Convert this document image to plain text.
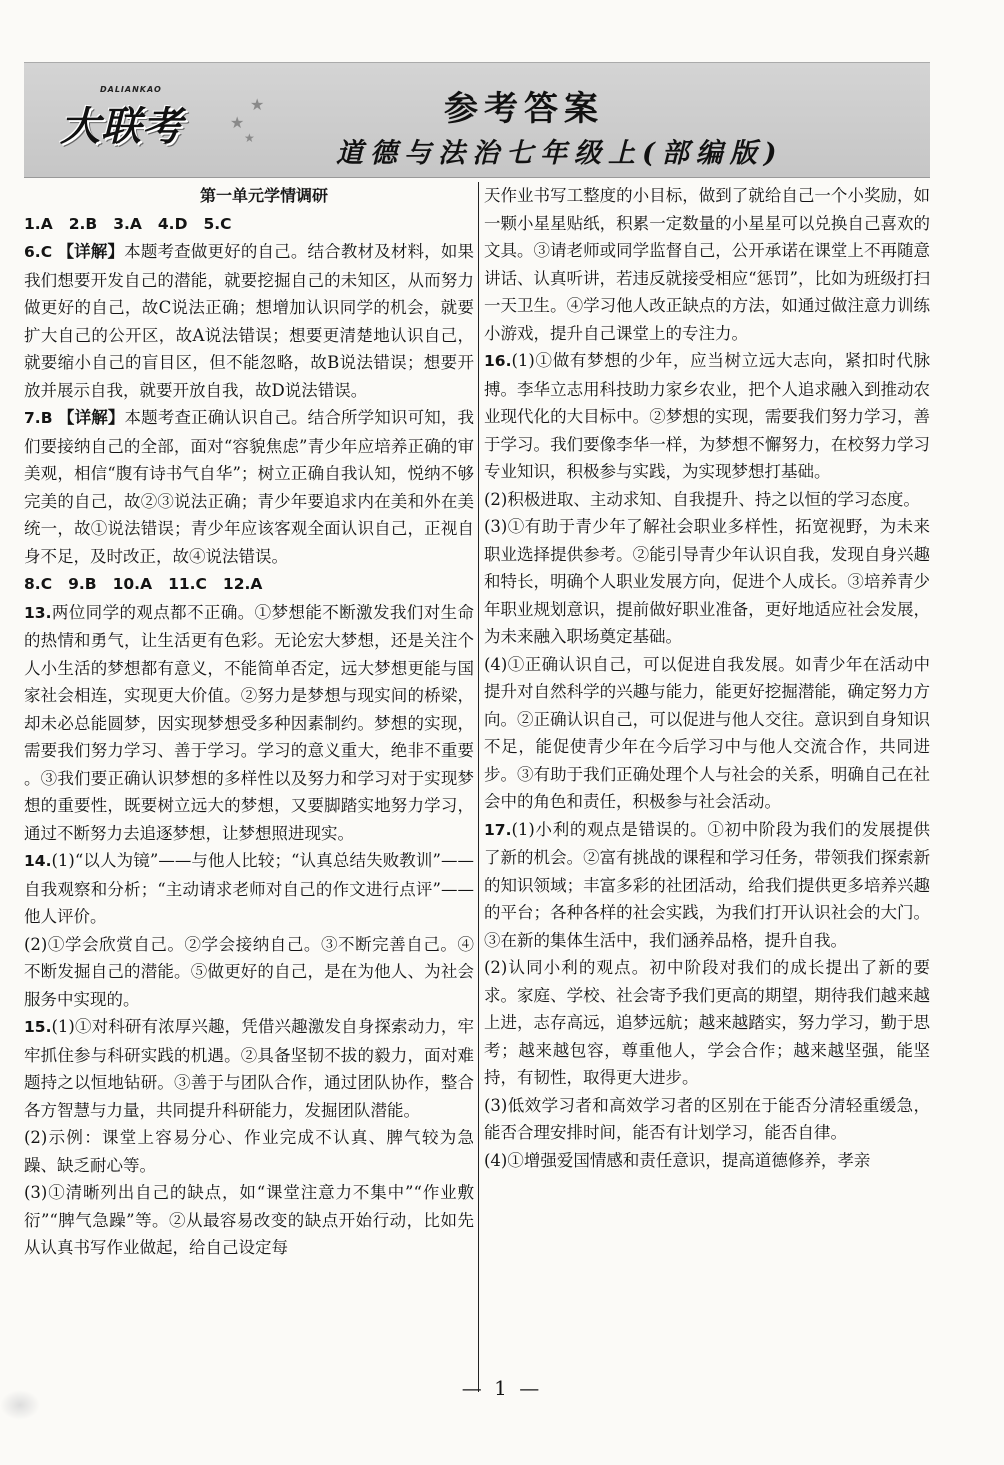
DALIANKAO
大联考	★
★
★
参考答案
道德与法治七年级上(部编版)
第一单元学情调研

1.A 2.B 3.A 4.D 5.C

6.C 【详解】本题考查做更好的自己。结合教材及材料，如果我们想要开发自己的潜能，就要挖掘自己的未知区，从而努力做更好的自己，故C说法正确；想增加认识同学的机会，就要扩大自己的公开区，故A说法错误；想要更清楚地认识自己，就要缩小自己的盲目区，但不能忽略，故B说法错误；想要开放并展示自我，就要开放自我，故D说法错误。

7.B 【详解】本题考查正确认识自己。结合所学知识可知，我们要接纳自己的全部，面对“容貌焦虑”青少年应培养正确的审美观，相信“腹有诗书气自华”；树立正确自我认知，悦纳不够完美的自己，故②③说法正确；青少年要追求内在美和外在美统一，故①说法错误；青少年应该客观全面认识自己，正视自身不足，及时改正，故④说法错误。

8.C 9.B 10.A 11.C 12.A

13.两位同学的观点都不正确。①梦想能不断激发我们对生命的热情和勇气，让生活更有色彩。无论宏大梦想，还是关注个人小生活的梦想都有意义，不能简单否定，远大梦想更能与国家社会相连，实现更大价值。②努力是梦想与现实间的桥梁，却未必总能圆梦，因实现梦想受多种因素制约。梦想的实现，需要我们努力学习、善于学习。学习的意义重大，绝非不重要 。③我们要正确认识梦想的多样性以及努力和学习对于实现梦想的重要性，既要树立远大的梦想，又要脚踏实地努力学习，通过不断努力去追逐梦想，让梦想照进现实。

14.(1)“以人为镜”——与他人比较；“认真总结失败教训”——自我观察和分析；“主动请求老师对自己的作文进行点评”——他人评价。

(2)①学会欣赏自己。②学会接纳自己。③不断完善自己。④不断发掘自己的潜能。⑤做更好的自己，是在为他人、为社会服务中实现的。

15.(1)①对科研有浓厚兴趣，凭借兴趣激发自身探索动力，牢牢抓住参与科研实践的机遇。②具备坚韧不拔的毅力，面对难题持之以恒地钻研。③善于与团队合作，通过团队协作，整合各方智慧与力量，共同提升科研能力，发掘团队潜能。

(2)示例：课堂上容易分心、作业完成不认真、脾气较为急躁、缺乏耐心等。

(3)①清晰列出自己的缺点，如“课堂注意力不集中”“作业敷衍”“脾气急躁”等。②从最容易改变的缺点开始行动，比如先从认真书写作业做起，给自己设定每

天作业书写工整度的小目标，做到了就给自己一个小奖励，如一颗小星星贴纸，积累一定数量的小星星可以兑换自己喜欢的文具。③请老师或同学监督自己，公开承诺在课堂上不再随意讲话、认真听讲，若违反就接受相应“惩罚”，比如为班级打扫一天卫生。④学习他人改正缺点的方法，如通过做注意力训练小游戏，提升自己课堂上的专注力。

16.(1)①做有梦想的少年，应当树立远大志向，紧扣时代脉搏。李华立志用科技助力家乡农业，把个人追求融入到推动农业现代化的大目标中。②梦想的实现，需要我们努力学习，善于学习。我们要像李华一样，为梦想不懈努力，在校努力学习专业知识，积极参与实践，为实现梦想打基础。

(2)积极进取、主动求知、自我提升、持之以恒的学习态度。

(3)①有助于青少年了解社会职业多样性，拓宽视野，为未来职业选择提供参考。②能引导青少年认识自我，发现自身兴趣和特长，明确个人职业发展方向，促进个人成长。③培养青少年职业规划意识，提前做好职业准备，更好地适应社会发展，为未来融入职场奠定基础。

(4)①正确认识自己，可以促进自我发展。如青少年在活动中提升对自然科学的兴趣与能力，能更好挖掘潜能，确定努力方向。②正确认识自己，可以促进与他人交往。意识到自身知识不足，能促使青少年在今后学习中与他人交流合作，共同进步。③有助于我们正确处理个人与社会的关系，明确自己在社会中的角色和责任，积极参与社会活动。

17.(1)小利的观点是错误的。①初中阶段为我们的发展提供了新的机会。②富有挑战的课程和学习任务，带领我们探索新的知识领域；丰富多彩的社团活动，给我们提供更多培养兴趣的平台；各种各样的社会实践，为我们打开认识社会的大门。③在新的集体生活中，我们涵养品格，提升自我。

(2)认同小利的观点。初中阶段对我们的成长提出了新的要求。家庭、学校、社会寄予我们更高的期望，期待我们越来越上进，志存高远，追梦远航；越来越踏实，努力学习，勤于思考；越来越包容，尊重他人，学会合作；越来越坚强，能坚持，有韧性，取得更大进步。

(3)低效学习者和高效学习者的区别在于能否分清轻重缓急，能否合理安排时间，能否有计划学习，能否自律。

(4)①增强爱国情感和责任意识，提高道德修养，孝亲

— 1 —
